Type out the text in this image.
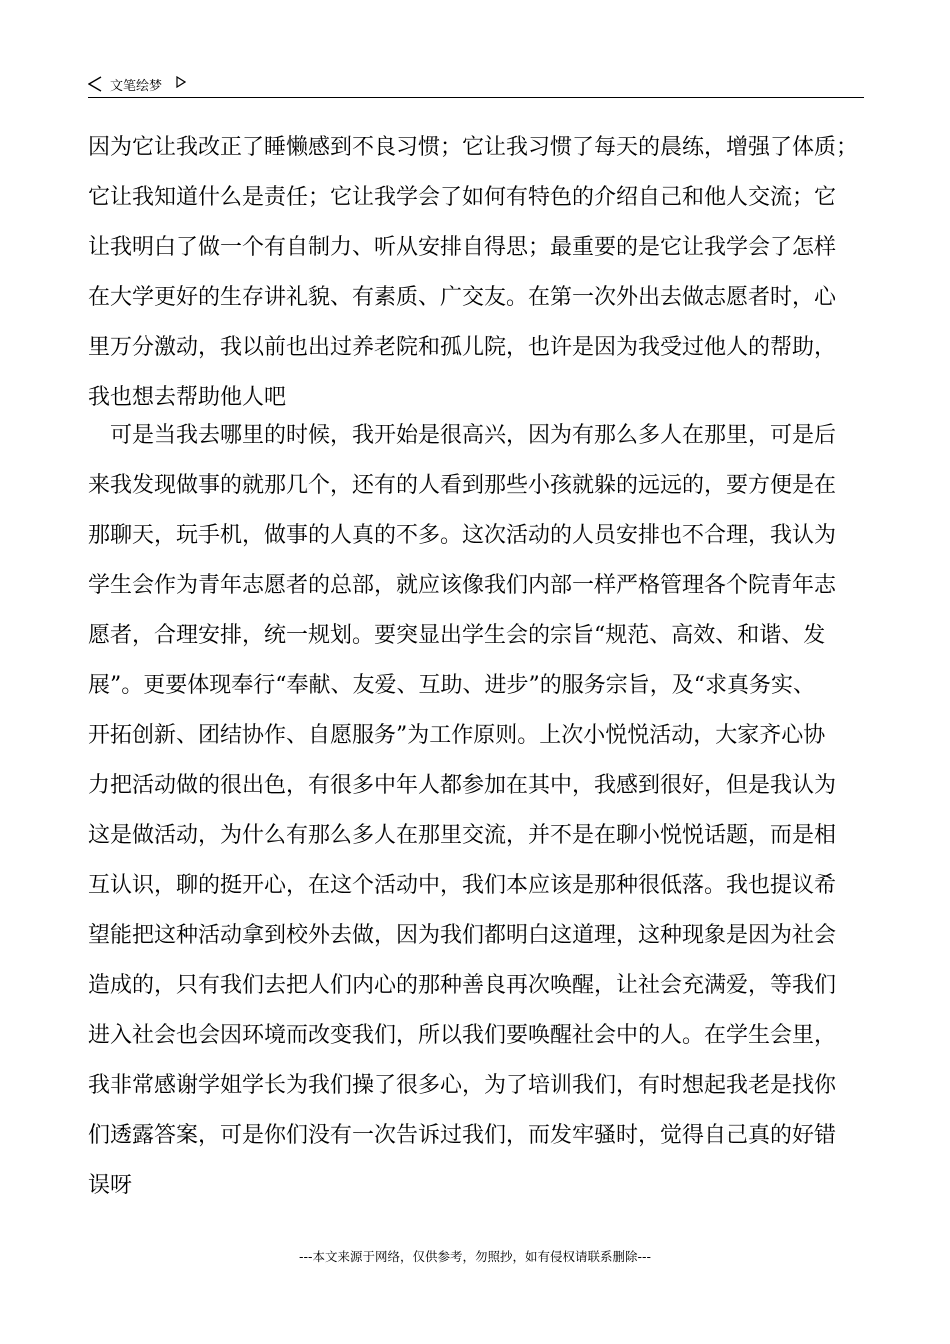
文笔绘梦
因为它让我改正了睡懒感到不良习惯；它让我习惯了每天的晨练，增强了体质；
它让我知道什么是责任；它让我学会了如何有特色的介绍自己和他人交流；它
让我明白了做一个有自制力、听从安排自得思；最重要的是它让我学会了怎样
在大学更好的生存讲礼貌、有素质、广交友。在第一次外出去做志愿者时，心
里万分激动，我以前也出过养老院和孤儿院，也许是因为我受过他人的帮助，
我也想去帮助他人吧
可是当我去哪里的时候，我开始是很高兴，因为有那么多人在那里，可是后
来我发现做事的就那几个，还有的人看到那些小孩就躲的远远的，要方便是在
那聊天，玩手机，做事的人真的不多。这次活动的人员安排也不合理，我认为
学生会作为青年志愿者的总部，就应该像我们内部一样严格管理各个院青年志
愿者，合理安排，统一规划。要突显出学生会的宗旨“规范、高效、和谐、发
展”。更要体现奉行“奉献、友爱、互助、进步”的服务宗旨，及“求真务实、
开拓创新、团结协作、自愿服务”为工作原则。上次小悦悦活动，大家齐心协
力把活动做的很出色，有很多中年人都参加在其中，我感到很好，但是我认为
这是做活动，为什么有那么多人在那里交流，并不是在聊小悦悦话题，而是相
互认识，聊的挺开心，在这个活动中，我们本应该是那种很低落。我也提议希
望能把这种活动拿到校外去做，因为我们都明白这道理，这种现象是因为社会
造成的，只有我们去把人们内心的那种善良再次唤醒，让社会充满爱，等我们
进入社会也会因环境而改变我们，所以我们要唤醒社会中的人。在学生会里，
我非常感谢学姐学长为我们操了很多心，为了培训我们，有时想起我老是找你
们透露答案，可是你们没有一次告诉过我们，而发牢骚时，觉得自己真的好错
误呀
---本文来源于网络，仅供参考，勿照抄，如有侵权请联系删除---
